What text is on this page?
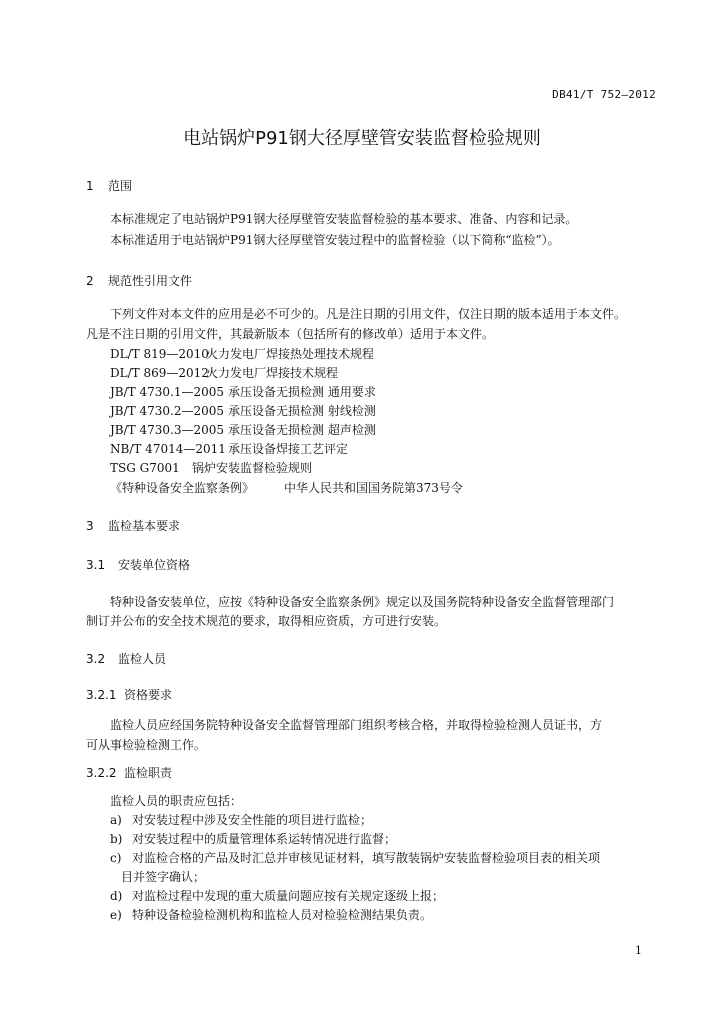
DB41/T 752—2012
电站锅炉P91钢大径厚壁管安装监督检验规则
1 范围
本标准规定了电站锅炉P91钢大径厚壁管安装监督检验的基本要求、准备、内容和记录。
本标准适用于电站锅炉P91钢大径厚壁管安装过程中的监督检验（以下简称“监检”）。
2 规范性引用文件
下列文件对本文件的应用是必不可少的。凡是注日期的引用文件，仅注日期的版本适用于本文件。
凡是不注日期的引用文件，其最新版本（包括所有的修改单）适用于本文件。
DL/T 819—2010火力发电厂焊接热处理技术规程
DL/T 869—2012火力发电厂焊接技术规程
JB/T 4730.1—2005 承压设备无损检测 通用要求
JB/T 4730.2—2005 承压设备无损检测 射线检测
JB/T 4730.3—2005 承压设备无损检测 超声检测
NB/T 47014—2011 承压设备焊接工艺评定
TSG G7001 锅炉安装监督检验规则
《特种设备安全监察条例》 中华人民共和国国务院第373号令
3 监检基本要求
3.1 安装单位资格
特种设备安装单位，应按《特种设备安全监察条例》规定以及国务院特种设备安全监督管理部门
制订并公布的安全技术规范的要求，取得相应资质，方可进行安装。
3.2 监检人员
3.2.1 资格要求
监检人员应经国务院特种设备安全监督管理部门组织考核合格，并取得检验检测人员证书，方
可从事检验检测工作。
3.2.2 监检职责
监检人员的职责应包括：
a) 对安装过程中涉及安全性能的项目进行监检；
b) 对安装过程中的质量管理体系运转情况进行监督；
c) 对监检合格的产品及时汇总并审核见证材料，填写散装锅炉安装监督检验项目表的相关项
目并签字确认；
d) 对监检过程中发现的重大质量问题应按有关规定逐级上报；
e) 特种设备检验检测机构和监检人员对检验检测结果负责。
1
